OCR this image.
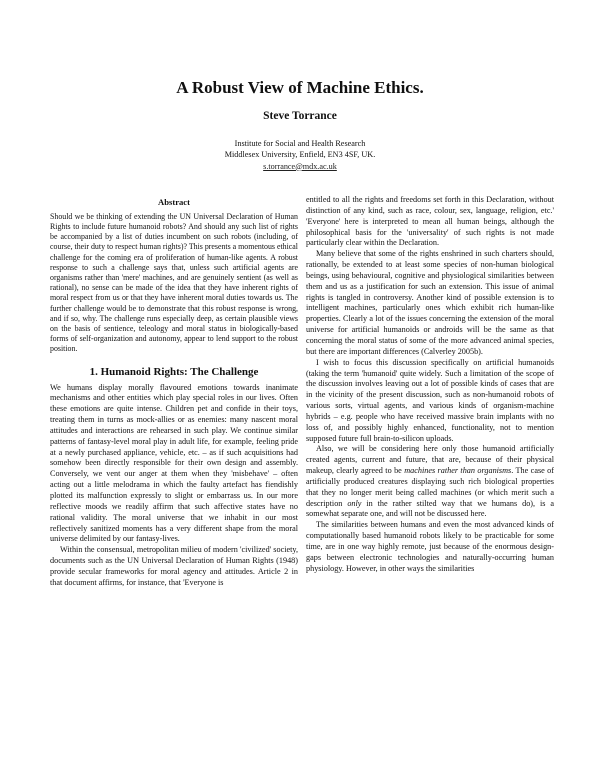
A Robust View of Machine Ethics.
Steve Torrance
Institute for Social and Health Research
Middlesex University, Enfield, EN3 4SF, UK.
s.torrance@mdx.ac.uk
Abstract

Should we be thinking of extending the UN Universal Declaration of Human Rights to include future humanoid robots? And should any such list of rights be accompanied by a list of duties incumbent on such robots (including, of course, their duty to respect human rights)? This presents a momentous ethical challenge for the coming era of proliferation of human-like agents. A robust response to such a challenge says that, unless such artificial agents are organisms rather than 'mere' machines, and are genuinely sentient (as well as rational), no sense can be made of the idea that they have inherent rights of moral respect from us or that they have inherent moral duties towards us. The further challenge would be to demonstrate that this robust response is wrong, and if so, why. The challenge runs especially deep, as certain plausible views on the basis of sentience, teleology and moral status in biologically-based forms of self-organization and autonomy, appear to lend support to the robust position.

1. Humanoid Rights: The Challenge

We humans display morally flavoured emotions towards inanimate mechanisms and other entities which play special roles in our lives. Often these emotions are quite intense. Children pet and confide in their toys, treating them in turns as mock-allies or as enemies: many nascent moral attitudes and interactions are rehearsed in such play. We continue similar patterns of fantasy-level moral play in adult life, for example, feeling pride at a newly purchased appliance, vehicle, etc. – as if such acquisitions had somehow been directly responsible for their own design and assembly. Conversely, we vent our anger at them when they 'misbehave' – often acting out a little melodrama in which the faulty artefact has fiendishly plotted its malfunction expressly to slight or embarrass us. In our more reflective moods we readily affirm that such affective states have no rational validity. The moral universe that we inhabit in our most reflectively sanitized moments has a very different shape from the moral universe delimited by our fantasy-lives.

Within the consensual, metropolitan milieu of modern 'civilized' society, documents such as the UN Universal Declaration of Human Rights (1948) provide secular frameworks for moral agency and attitudes. Article 2 in that document affirms, for instance, that 'Everyone is

entitled to all the rights and freedoms set forth in this Declaration, without distinction of any kind, such as race, colour, sex, language, religion, etc.' 'Everyone' here is interpreted to mean all human beings, although the philosophical basis for the 'universality' of such rights is not made particularly clear within the Declaration.

Many believe that some of the rights enshrined in such charters should, rationally, be extended to at least some species of non-human biological beings, using behavioural, cognitive and physiological similarities between them and us as a justification for such an extension. This issue of animal rights is tangled in controversy. Another kind of possible extension is to intelligent machines, particularly ones which exhibit rich human-like properties. Clearly a lot of the issues concerning the extension of the moral universe for artificial humanoids or androids will be the same as that concerning the moral status of some of the more advanced animal species, but there are important differences (Calverley 2005b).

I wish to focus this discussion specifically on artificial humanoids (taking the term 'humanoid' quite widely. Such a limitation of the scope of the discussion involves leaving out a lot of possible kinds of cases that are in the vicinity of the present discussion, such as non-humanoid robots of various sorts, virtual agents, and various kinds of organism-machine hybrids – e.g. people who have received massive brain implants with no loss of, and possibly highly enhanced, functionality, not to mention supposed future full brain-to-silicon uploads.

Also, we will be considering here only those humanoid artificially created agents, current and future, that are, because of their physical makeup, clearly agreed to be machines rather than organisms. The case of artificially produced creatures displaying such rich biological properties that they no longer merit being called machines (or which merit such a description only in the rather stilted way that we humans do), is a somewhat separate one, and will not be discussed here.

The similarities between humans and even the most advanced kinds of computationally based humanoid robots likely to be practicable for some time, are in one way highly remote, just because of the enormous design-gaps between electronic technologies and naturally-occurring human physiology. However, in other ways the similarities
